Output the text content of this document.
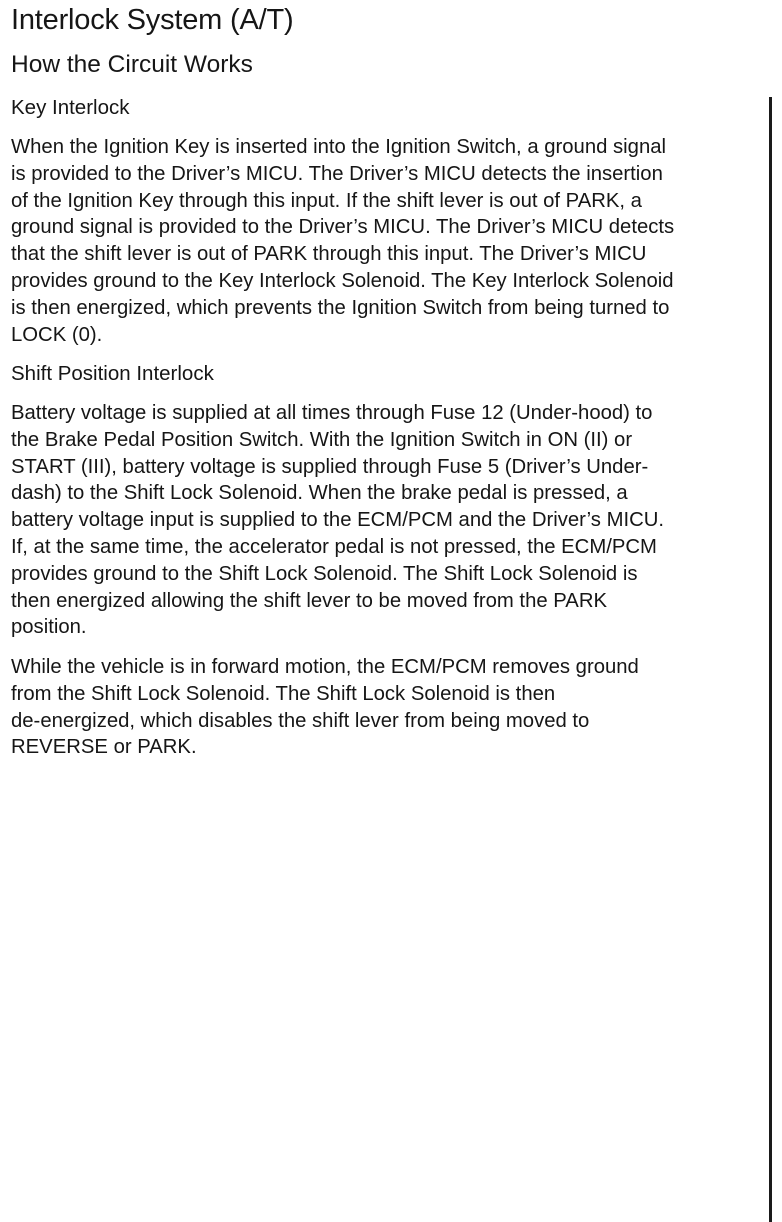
Interlock System (A/T)
How the Circuit Works
Key Interlock

When the Ignition Key is inserted into the Ignition Switch, a ground signal
is provided to the Driver’s MICU. The Driver’s MICU detects the insertion
of the Ignition Key through this input. If the shift lever is out of PARK, a
ground signal is provided to the Driver’s MICU. The Driver’s MICU detects
that the shift lever is out of PARK through this input. The Driver’s MICU
provides ground to the Key Interlock Solenoid. The Key Interlock Solenoid
is then energized, which prevents the Ignition Switch from being turned to
LOCK (0).

Shift Position Interlock

Battery voltage is supplied at all times through Fuse 12 (Under-hood) to
the Brake Pedal Position Switch. With the Ignition Switch in ON (II) or
START (III), battery voltage is supplied through Fuse 5 (Driver’s Under-
dash) to the Shift Lock Solenoid. When the brake pedal is pressed, a
battery voltage input is supplied to the ECM/PCM and the Driver’s MICU.
If, at the same time, the accelerator pedal is not pressed, the ECM/PCM
provides ground to the Shift Lock Solenoid. The Shift Lock Solenoid is
then energized allowing the shift lever to be moved from the PARK
position.

While the vehicle is in forward motion, the ECM/PCM removes ground
from the Shift Lock Solenoid. The Shift Lock Solenoid is then
de-energized, which disables the shift lever from being moved to
REVERSE or PARK.
